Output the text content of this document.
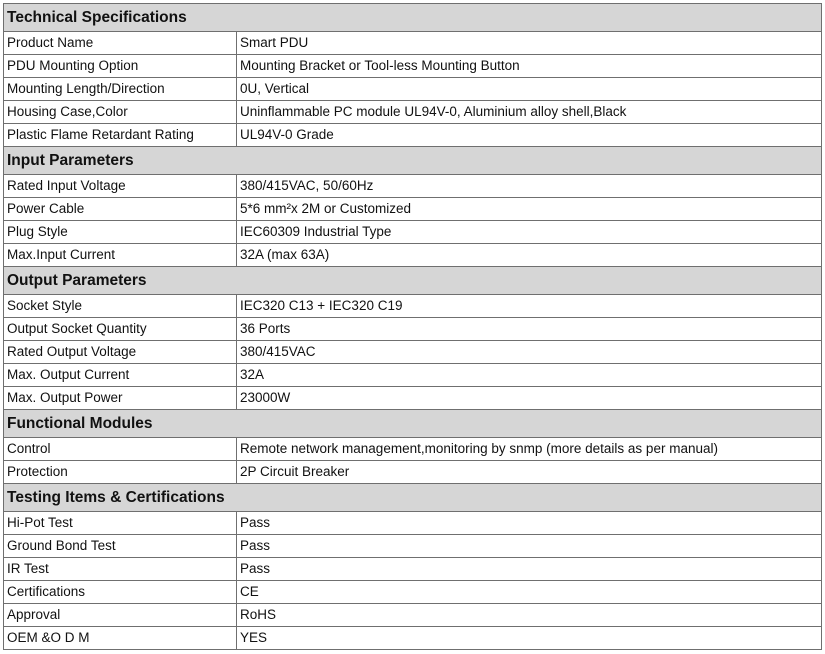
Technical Specifications	
Product Name	Smart PDU
PDU Mounting Option	Mounting Bracket or Tool-less Mounting Button
Mounting Length/Direction	0U, Vertical
Housing Case,Color	Uninflammable PC module UL94V-0, Aluminium alloy shell,Black
Plastic Flame Retardant Rating	UL94V-0 Grade
Input Parameters	
Rated Input Voltage	380/415VAC, 50/60Hz
Power Cable	5*6 mm²x 2M or Customized
Plug Style	IEC60309 Industrial Type
Max.Input Current	32A (max 63A)
Output Parameters	
Socket Style	IEC320 C13 + IEC320 C19
Output Socket Quantity	36 Ports
Rated Output Voltage	380/415VAC
Max. Output Current	32A
Max. Output Power	23000W
Functional Modules	
Control	Remote network management,monitoring by snmp (more details as per manual)
Protection	2P Circuit Breaker
Testing Items & Certifications	
Hi-Pot Test	Pass
Ground Bond Test	Pass
IR Test	Pass
Certifications	CE
Approval	RoHS
OEM &O D M	YES
